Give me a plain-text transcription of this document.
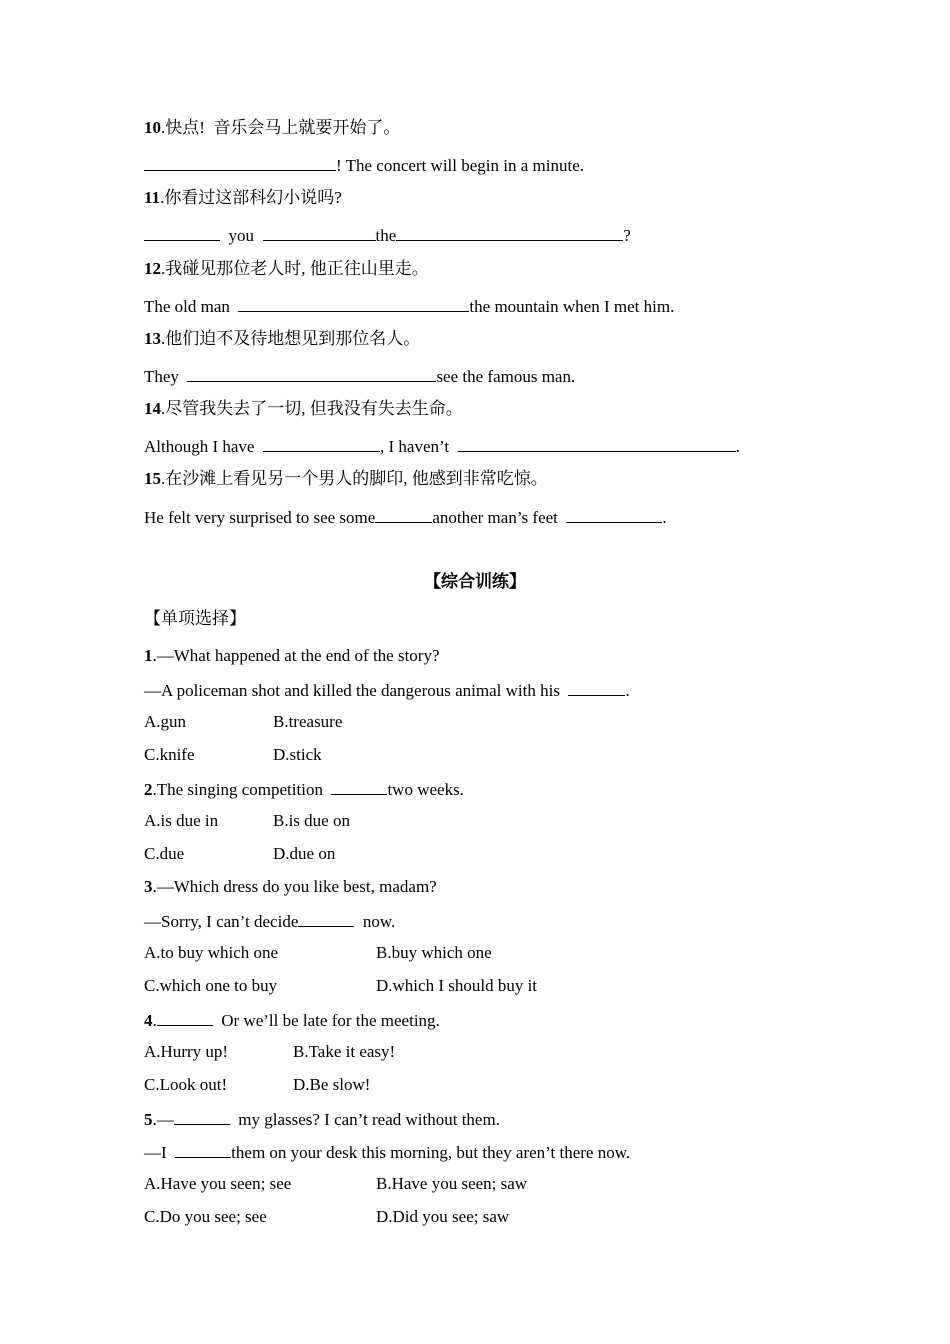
10.快点!  音乐会马上就要开始了。
! The concert will begin in a minute.
11.你看过这部科幻小说吗?
you	the	?
12.我碰见那位老人时, 他正往山里走。
The old man	the mountain when I met him.
13.他们迫不及待地想见到那位名人。
They	see the famous man.
14.尽管我失去了一切, 但我没有失去生命。
Although I have	, I haven’t	.
15.在沙滩上看见另一个男人的脚印, 他感到非常吃惊。
He felt very surprised to see some	another man’s feet	.
【综合训练】
【单项选择】
1.—What happened at the end of the story?
—A policeman shot and killed the dangerous animal with his	.
A.gun	B.treasure
C.knife	D.stick
2.The singing competition	two weeks.
A.is due in	B.is due on
C.due	D.due on
3.—Which dress do you like best, madam?
—Sorry, I can’t decide	now.
A.to buy which one	B.buy which one
C.which one to buy	D.which I should buy it
4.	Or we’ll be late for the meeting.
A.Hurry up!	B.Take it easy!
C.Look out!	D.Be slow!
5.—	my glasses? I can’t read without them.
—I	them on your desk this morning, but they aren’t there now.
A.Have you seen; see	B.Have you seen; saw
C.Do you see; see	D.Did you see; saw
